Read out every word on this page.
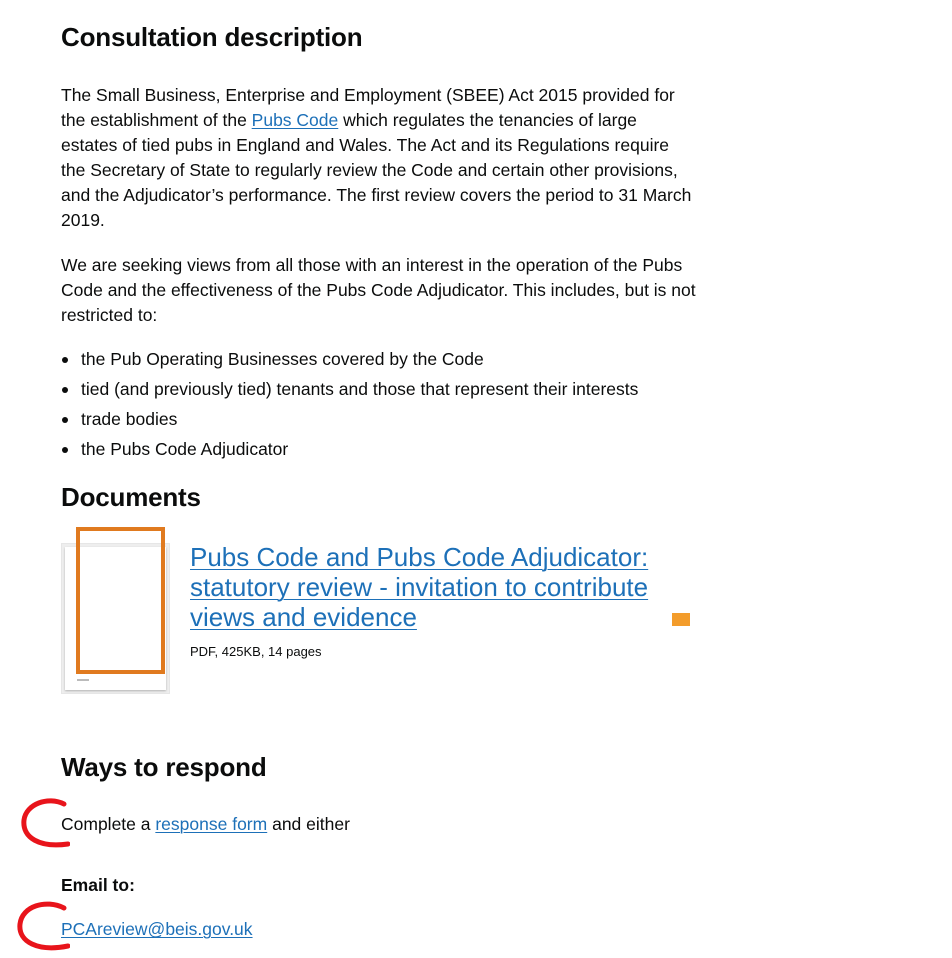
Consultation description

The Small Business, Enterprise and Employment (SBEE) Act 2015 provided for the establishment of the Pubs Code which regulates the tenancies of large estates of tied pubs in England and Wales. The Act and its Regulations require the Secretary of State to regularly review the Code and certain other provisions, and the Adjudicator’s performance. The first review covers the period to 31 March 2019.

We are seeking views from all those with an interest in the operation of the Pubs Code and the effectiveness of the Pubs Code Adjudicator. This includes, but is not restricted to:

the Pub Operating Businesses covered by the Code
tied (and previously tied) tenants and those that represent their interests
trade bodies
the Pubs Code Adjudicator
Documents
Pubs Code and Pubs Code Adjudicator: statutory review - invitation to contribute views and evidence
PDF, 425KB, 14 pages
Ways to respond

Complete a response form and either

Email to:

PCAreview@beis.gov.uk
